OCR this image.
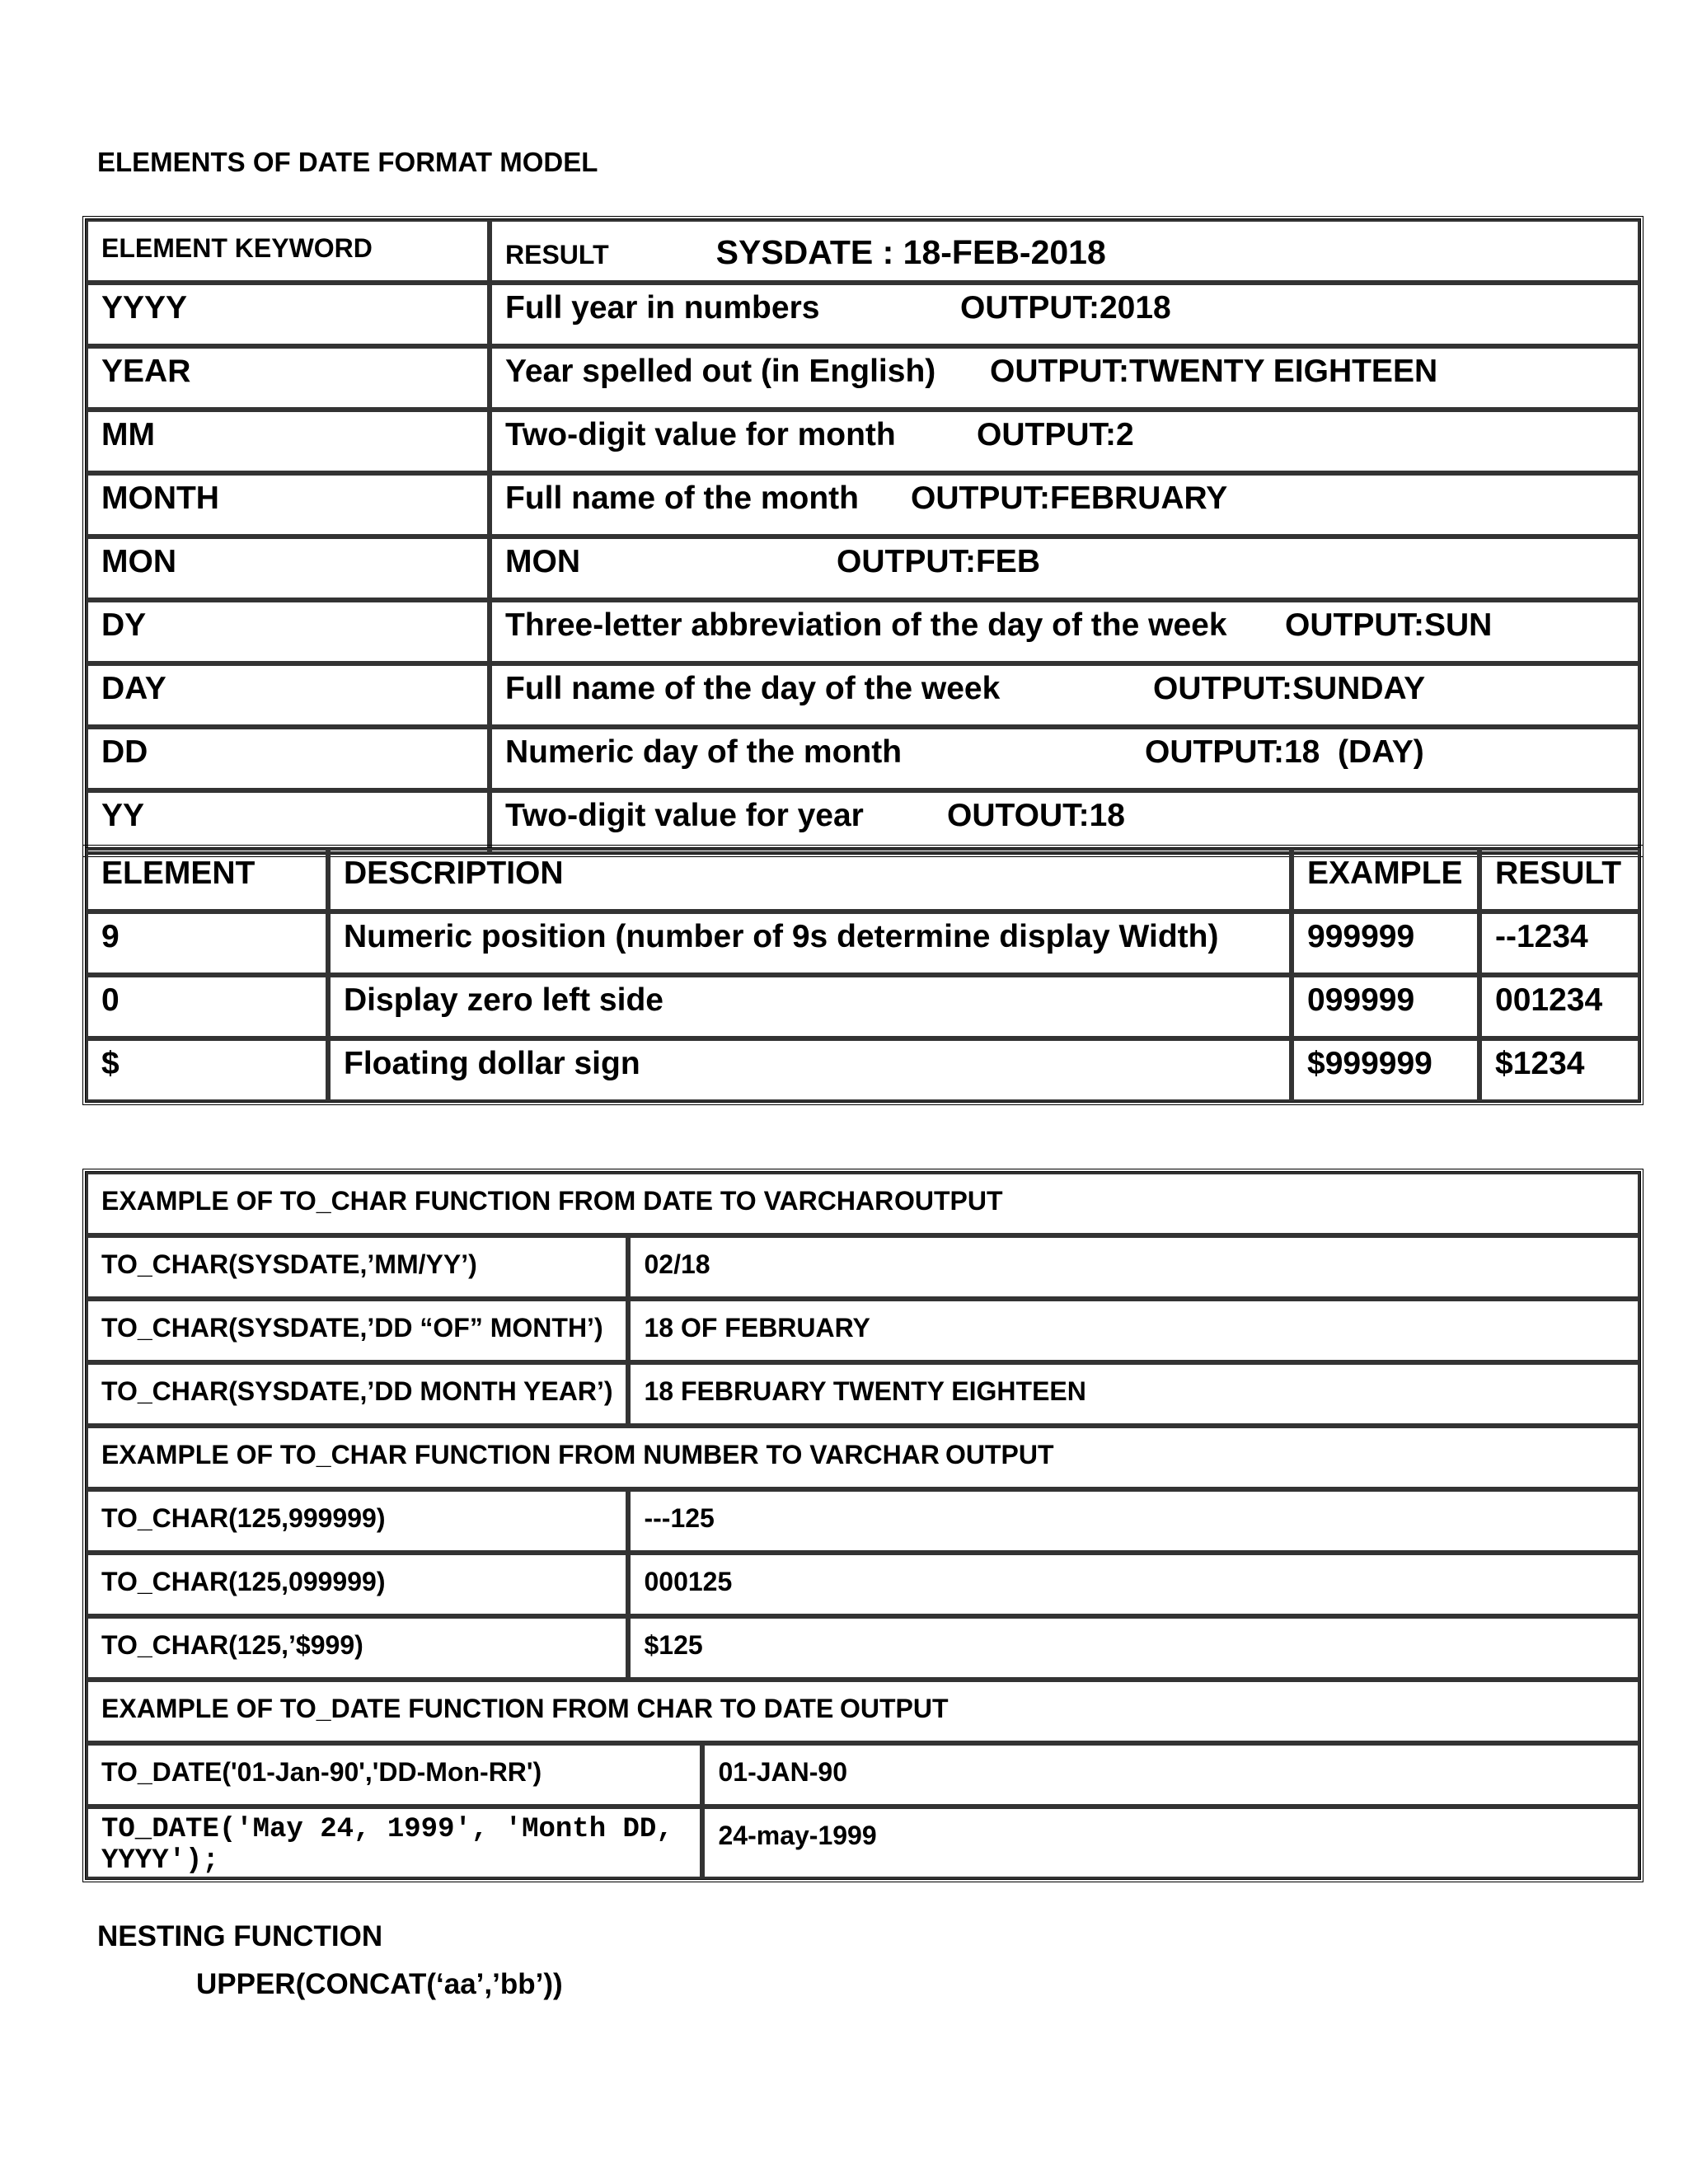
ELEMENTS OF DATE FORMAT MODEL
ELEMENT KEYWORD	RESULT SYSDATE : 18-FEB-2018
YYYY	Full year in numbers OUTPUT:2018

YEAR	Year spelled out (in English) OUTPUT:TWENTY EIGHTEEN

MM	Two-digit value for month OUTPUT:2

MONTH	Full name of the month OUTPUT:FEBRUARY

MON	MON OUTPUT:FEB

DY	Three-letter abbreviation of the day of the week OUTPUT:SUN

DAY	Full name of the day of the week OUTPUT:SUNDAY

DD	Numeric day of the month OUTPUT:18  (DAY)

YY	Two-digit value for year OUTOUT:18
ELEMENT	DESCRIPTION	EXAMPLE	RESULT
9	Numeric position (number of 9s determine display Width)	999999	--1234
0	Display zero left side	099999	001234
$	Floating dollar sign	$999999	$1234
EXAMPLE OF TO_CHAR FUNCTION FROM DATE TO VARCHAR OUTPUT		

TO_CHAR(SYSDATE,’MM/YY’)	02/18	
TO_CHAR(SYSDATE,’DD “OF” MONTH’)	18 OF FEBRUARY	
TO_CHAR(SYSDATE,’DD MONTH YEAR’)	18 FEBRUARY TWENTY EIGHTEEN	
EXAMPLE OF TO_CHAR FUNCTION FROM NUMBER TO VARCHAR OUTPUT		

TO_CHAR(125,999999)	---125	
TO_CHAR(125,099999)	000125	
TO_CHAR(125,’$999)	$125	
EXAMPLE OF TO_DATE FUNCTION FROM CHAR TO DATE OUTPUT		

TO_DATE('01-Jan-90','DD-Mon-RR')		01-JAN-90
TO_DATE('May 24, 1999', 'Month DD, YYYY');		24-may-1999
NESTING FUNCTION
UPPER(CONCAT(‘aa’,’bb’))
